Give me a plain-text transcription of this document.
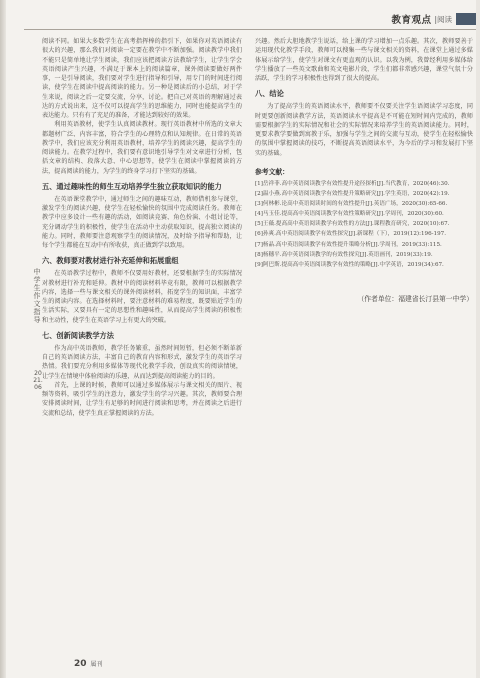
教育观点 |阅读
中学生作文指导
2021.06

阅读不同。如果大多数学生在高考指挥棒的指引下，如果你对英语阅读有很大的兴趣，那么我们对阅读一定要在教学中不断加强。阅读教学中我们不能只是简单地让学生阅读，我们应该把阅读方法教给学生，让学生学会英语阅读产生兴趣，不满足于课本上的阅读篇章，课外阅读要做好两件事，一是引导阅读，我们要对学生进行指导和引导，用专门的时间进行阅读，使学生在阅读中提高阅读的能力。另一种是阅读后的小总结，对于学生来说，阅读之后一定要交流，分享，讨论。把自己对英语的理解通过表达的方式说出来，这不仅可以提高学生的思维能力，同时也能提高学生的表达能力。只有有了充足的准备，才能达到较好的效果。

利用英语教材，使学生认真阅读教材。现行英语教材中所选的文章大都题材广泛、内容丰富，符合学生的心理特点和认知规律。在日常的英语教学中，我们应该充分利用英语教材，培养学生的阅读兴趣，提高学生的阅读能力。在教学过程中，我们要有意识地引导学生对文章进行分析，包括文章的结构、段落大意、中心思想等，使学生在阅读中掌握阅读的方法，提高阅读的能力，为学生的终身学习打下坚实的基础。

五、通过趣味性的师生互动培养学生独立获取知识的能力

在英语课堂教学中，通过师生之间的趣味互动，教师借机参与课堂，激发学生的阅读兴趣，使学生在轻松愉快的氛围中完成阅读任务。教师在教学中应多设计一些有趣的活动，如阅读竞赛、角色扮演、小组讨论等，充分调动学生的积极性，使学生在活动中主动获取知识，提高独立阅读的能力。同时，教师要注意观察学生的阅读情况，及时给予指导和帮助，让每个学生都能在互动中有所收获，真正做到学以致用。

六、教师要对教材进行补充延伸和拓展重组

在英语教学过程中，教师不仅要用好教材，还要根据学生的实际情况对教材进行补充和延伸。教材中的阅读材料毕竟有限，教师可以根据教学内容，选择一些与课文相关的课外阅读材料，拓宽学生的知识面，丰富学生的阅读内容。在选择材料时，要注意材料的难易程度，既要贴近学生的生活实际，又要具有一定的思想性和趣味性，从而提高学生阅读的积极性和主动性，使学生在英语学习上有更大的突破。

七、创新阅读教学方法

作为高中英语教师，教学任务繁重，虽然时间短暂，但必须不断革新自己的英语阅读方法，丰富自己的教育内容和形式，激发学生的英语学习热情。我们要充分利用多媒体等现代化教学手段，创设真实的阅读情境，让学生在情境中体验阅读的乐趣，从而达到提高阅读能力的目的。

首先，上课的时候，教师可以通过多媒体展示与课文相关的图片、视频等资料，吸引学生的注意力，激发学生的学习兴趣。其次，教师要合理安排阅读时间，让学生有足够的时间进行阅读和思考，并在阅读之后进行交流和总结，使学生真正掌握阅读的方法。

兴趣。然后大胆地教学生说话，给上课的学习增加一点乐趣。其次，教师要善于运用现代化教学手段，教师可以搜集一些与课文相关的资料，在课堂上通过多媒体展示给学生，使学生对课文有更直观的认识。以我为例，我曾经利用多媒体给学生播放了一些英文歌曲和英文电影片段，学生们都非常感兴趣，课堂气氛十分活跃，学生的学习积极性也得到了很大的提高。

八、结论

为了提高学生的英语阅读水平，教师要不仅要关注学生语阅读学习态度，同时更要创新阅读教学方法，英语阅读水平提高是不可能在短时间内完成的，教师需要根据学生的实际情况和社会的实际情况来培养学生的英语阅读能力。同时，更要求教学要做到寓教于乐，加强与学生之间的交流与互动，使学生在轻松愉快的氛围中掌握阅读的技巧，不断提高英语阅读水平，为今后的学习和发展打下坚实的基础。

参考文献：
[1]岳祥菲.高中英语阅读教学有效性提升途径探析[J].当代教育，2020(46):30.
[2]温小燕.高中英语阅读教学有效性提升策略研究[J].学生英语，2020(42):19.
[3]何林彬.论高中英语阅读时间的有效性提升[J].英语广场，2020(30):65-66.
[4]马玉佳.提高高中英语阅读教学有效性策略研究[J].学周刊，2020(30):60.
[5]王薇.提高高中英语阅读教学有效性的方法[J].课程教育研究，2020(10):67.
[6]孙爽.高中英语阅读教学有效性探究[J].新课程（下），2019(12):196-197.
[7]杨晶.高中英语阅读教学有效性提升策略分析[J].学周刊，2019(33):115.
[8]杨穗平.高中英语阅读教学的有效性探究[J].英语画刊，2019(33):19.
[9]阿巴斯.提高高中英语阅读教学有效性的策略[J].中学英语，2019(34):67.
（作者单位：福建省长汀县第一中学）
20 属刊
